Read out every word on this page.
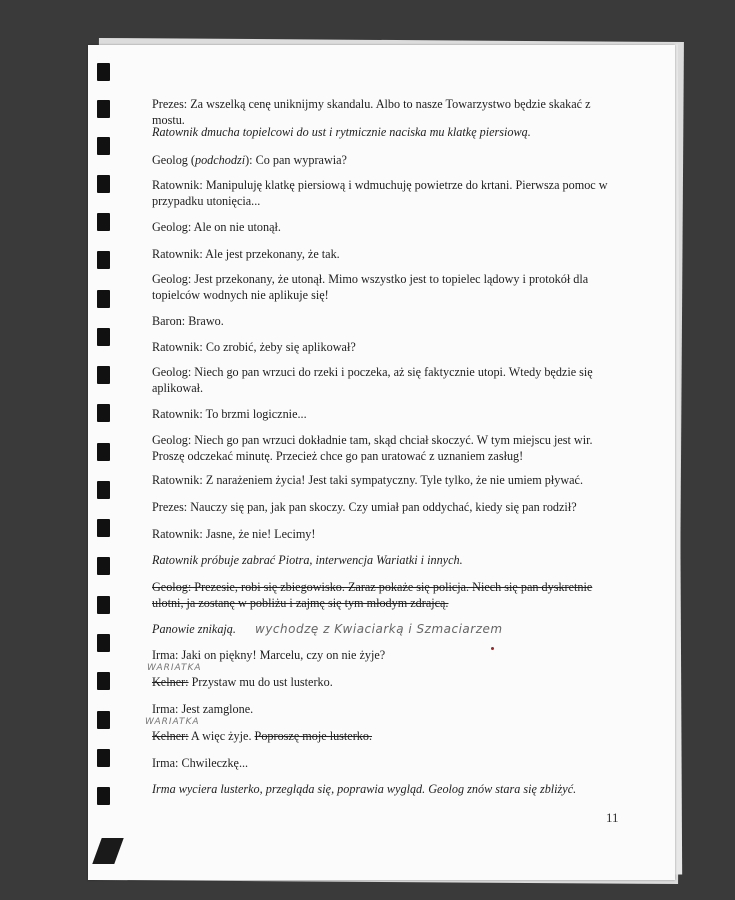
Prezes: Za wszelką cenę uniknijmy skandalu. Albo to nasze Towarzystwo będzie skakać z mostu.

Ratownik dmucha topielcowi do ust i rytmicznie naciska mu klatkę piersiową.

Geolog (podchodzi): Co pan wyprawia?

Ratownik: Manipuluję klatkę piersiową i wdmuchuję powietrze do krtani. Pierwsza pomoc w przypadku utonięcia...

Geolog: Ale on nie utonął.

Ratownik: Ale jest przekonany, że tak.

Geolog: Jest przekonany, że utonął. Mimo wszystko jest to topielec lądowy i protokół dla topielców wodnych nie aplikuje się!

Baron: Brawo.

Ratownik: Co zrobić, żeby się aplikował?

Geolog: Niech go pan wrzuci do rzeki i poczeka, aż się faktycznie utopi. Wtedy będzie się aplikował.

Ratownik: To brzmi logicznie...

Geolog: Niech go pan wrzuci dokładnie tam, skąd chciał skoczyć. W tym miejscu jest wir. Proszę odczekać minutę. Przecież chce go pan uratować z uznaniem zasług!

Ratownik: Z narażeniem życia! Jest taki sympatyczny. Tyle tylko, że nie umiem pływać.

Prezes: Nauczy się pan, jak pan skoczy. Czy umiał pan oddychać, kiedy się pan rodził?

Ratownik: Jasne, że nie! Lecimy!

Ratownik próbuje zabrać Piotra, interwencja Wariatki i innych.

Geolog: Prezesie, robi się zbiegowisko. Zaraz pokaże się policja. Niech się pan dyskretnie ulotni, ja zostanę w pobliżu i zajmę się tym młodym zdrajcą.

Panowie znikają. wychodzę z Kwiaciarką i Szmaciarzem

Irma: Jaki on piękny! Marcelu, czy on nie żyje?

Kelner: Przystaw mu do ust lusterko.

Irma: Jest zamglone.

Kelner: A więc żyje. Poproszę moje lusterko.

Irma: Chwileczkę...

Irma wyciera lusterko, przegląda się, poprawia wygląd. Geolog znów stara się zbliżyć.

WARIATKA
WARIATKA
11
